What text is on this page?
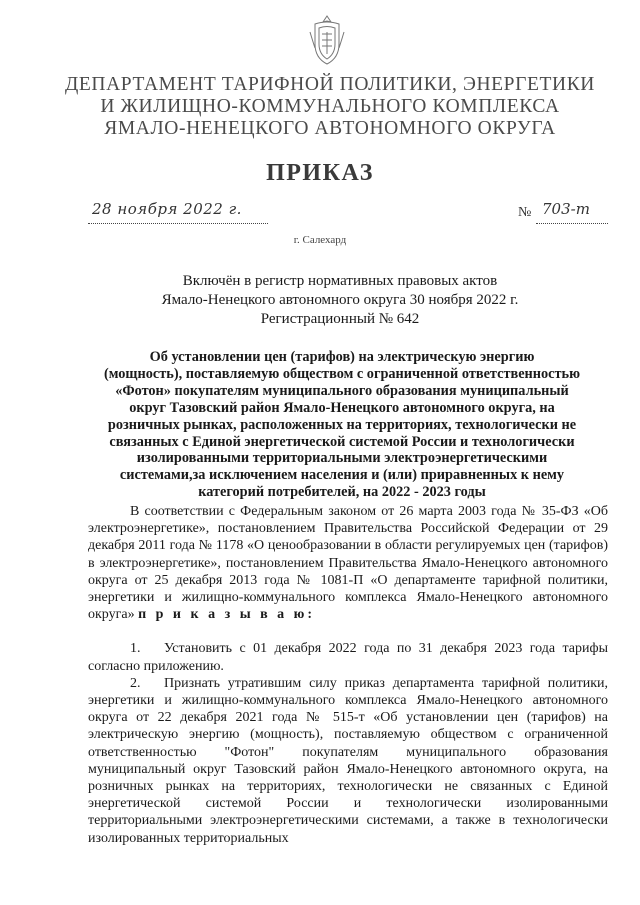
ДЕПАРТАМЕНТ ТАРИФНОЙ ПОЛИТИКИ, ЭНЕРГЕТИКИ
И ЖИЛИЩНО-КОММУНАЛЬНОГО КОМПЛЕКСА
ЯМАЛО-НЕНЕЦКОГО АВТОНОМНОГО ОКРУГА
ПРИКАЗ
28 ноября 2022 г.	№ 703-т
г. Салехард
Включён в регистр нормативных правовых актов
Ямало-Ненецкого автономного округа 30 ноября 2022 г.
Регистрационный № 642
Об установлении цен (тарифов) на электрическую энергию
(мощность), поставляемую обществом с ограниченной ответственностью
«Фотон» покупателям муниципального образования муниципальный
округ Тазовский район Ямало-Ненецкого автономного округа, на
розничных рынках, расположенных на территориях, технологически не
связанных с Единой энергетической системой России и технологически
изолированными территориальными электроэнергетическими
системами,за исключением населения и (или) приравненных к нему
категорий потребителей, на 2022 - 2023 годы

В соответствии с Федеральным законом от 26 марта 2003 года № 35-ФЗ «Об электроэнергетике», постановлением Правительства Российской Федерации от 29 декабря 2011 года № 1178 «О ценообразовании в области регулируемых цен (тарифов) в электроэнергетике», постановлением Правительства Ямало-Ненецкого автономного округа от 25 декабря 2013 года № 1081-П «О департаменте тарифной политики, энергетики и жилищно-коммунального комплекса Ямало-Ненецкого автономного округа» п р и к а з ы в а ю:

1. Установить с 01 декабря 2022 года по 31 декабря 2023 года тарифы согласно приложению.

2. Признать утратившим силу приказ департамента тарифной политики, энергетики и жилищно-коммунального комплекса Ямало-Ненецкого автономного округа от 22 декабря 2021 года № 515-т «Об установлении цен (тарифов) на электрическую энергию (мощность), поставляемую обществом с ограниченной ответственностью "Фотон" покупателям муниципального образования муниципальный округ Тазовский район Ямало-Ненецкого автономного округа, на розничных рынках на территориях, технологически не связанных с Единой энергетической системой России и технологически изолированными территориальными электроэнергетическими системами, а также в технологически изолированных территориальных
